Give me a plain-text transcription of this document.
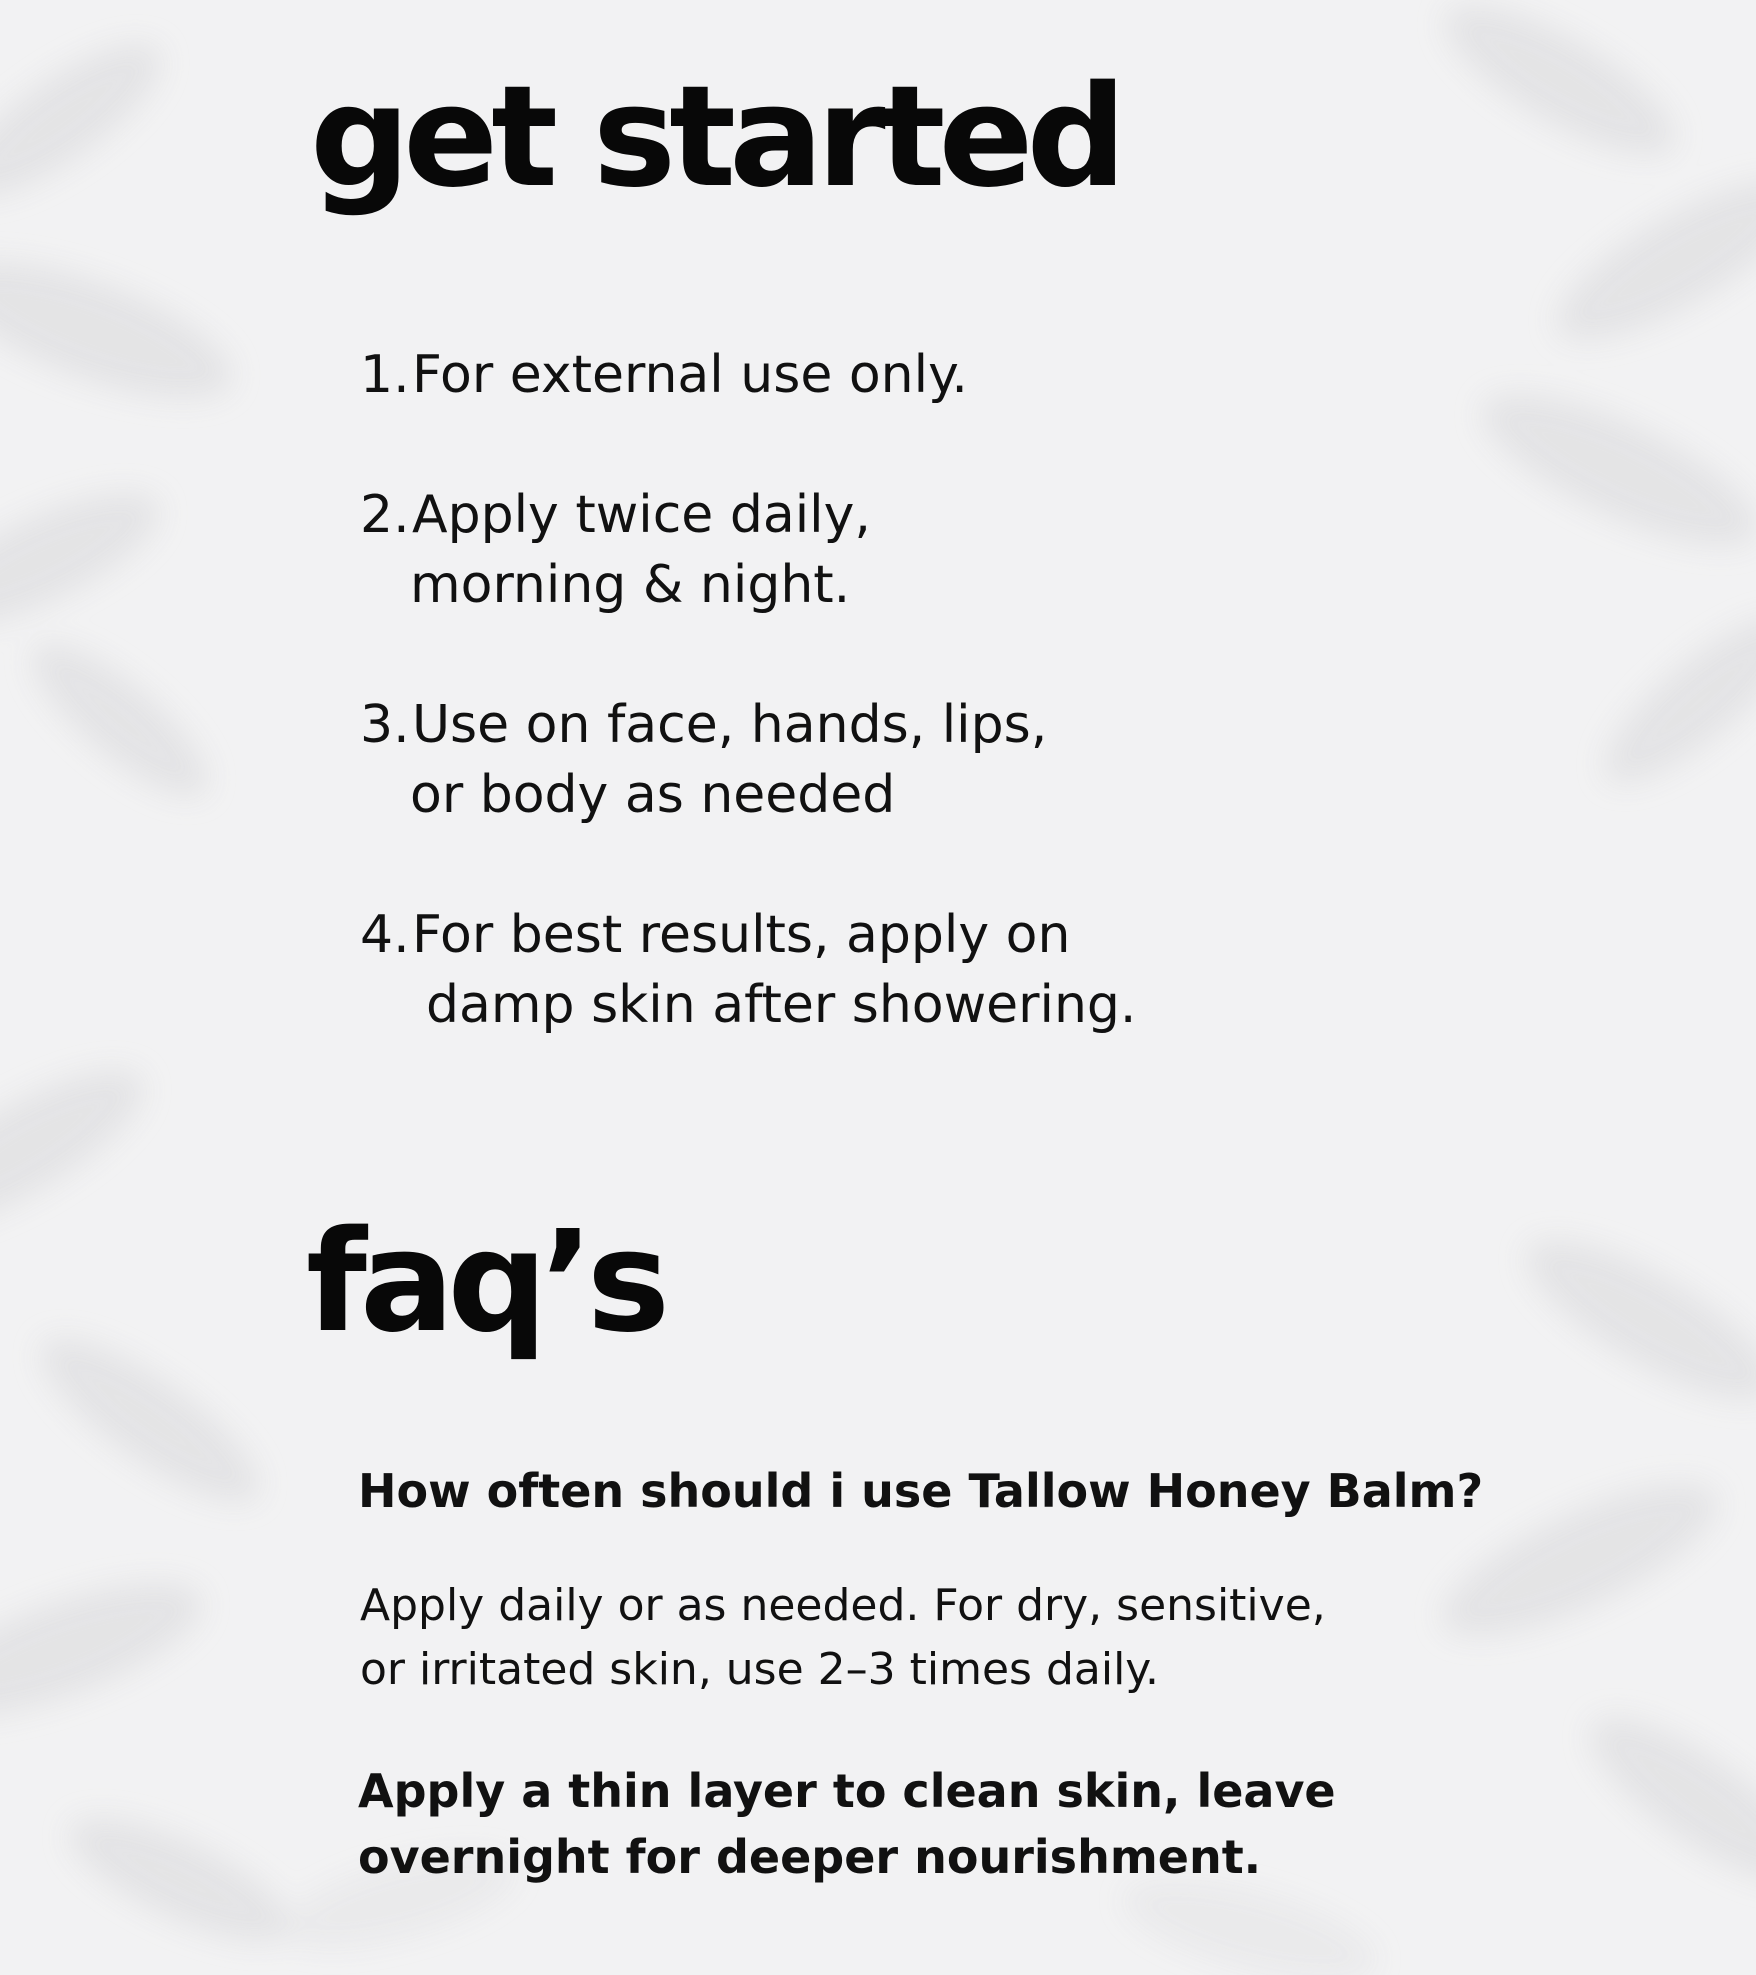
get started
1.For external use only.
2.Apply twice daily,
morning & night.
3.Use on face, hands, lips,
or body as needed
4.For best results, apply on
damp skin after showering.
faq’s

How often should i use Tallow Honey Balm?

Apply daily or as needed. For dry, sensitive,
or irritated skin, use 2–3 times daily.

Apply a thin layer to clean skin, leave
overnight for deeper nourishment.
